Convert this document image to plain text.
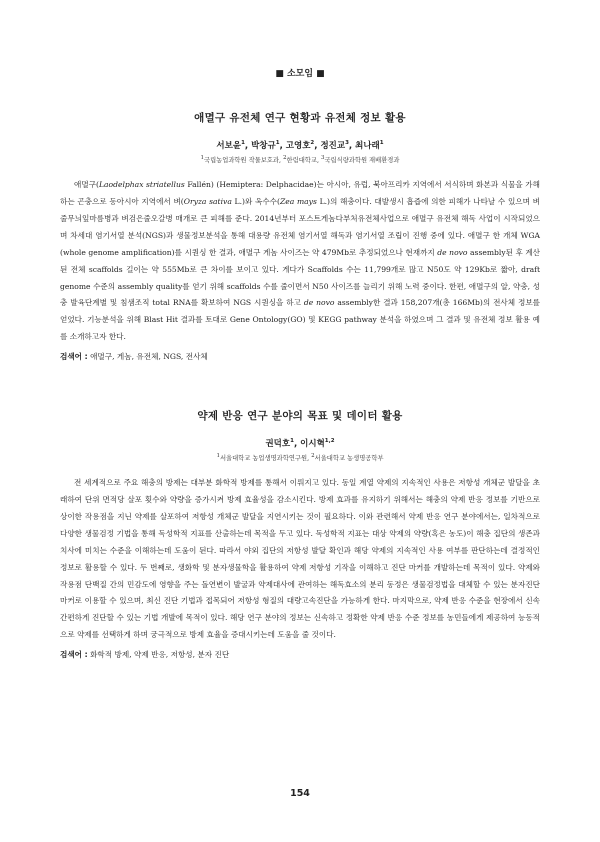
■ 소모임 ■
애멸구 유전체 연구 현황과 유전체 정보 활용
서보윤$^1$, 박창규$^1$, 고영호$^2$, 정진교$^3$, 최나래$^1$
$^1$국립농업과학원 작물보호과, $^2$한림대학교, $^3$국립식량과학원 재배환경과
애멸구(Laodelphax striatellus Fallén) (Hemiptera: Delphacidae)는 아시아, 유럽, 북아프리카 지역에서 서식하며 화본과 식물을 가해하는 곤충으로 동아시아 지역에서 벼(Oryza sativa L.)와 옥수수(Zea mays L.)의 해충이다. 대발생시 흡즙에 의한 피해가 나타날 수 있으며 벼줄무늬잎마름병과 벼검은줄오갈병 매개로 큰 피해를 준다. 2014년부터 포스트게놈다부처유전체사업으로 애멸구 유전체 해독 사업이 시작되었으며 차세대 염기서열 분석(NGS)과 생물정보분석을 통해 대용량 유전체 염기서열 해독과 염기서열 조립이 진행 중에 있다. 애멸구 한 개체 WGA (whole genome amplification)를 시퀀싱 한 결과, 애멸구 게놈 사이즈는 약 479Mb로 추정되었으나 현재까지 de novo assembly된 후 계산된 전체 scaffolds 길이는 약 555Mb로 큰 차이를 보이고 있다. 게다가 Scaffolds 수는 11,799개로 많고 N50도 약 129Kb로 짧아, draft genome 수준의 assembly quality를 얻기 위해 scaffolds 수를 줄이면서 N50 사이즈를 늘리기 위해 노력 중이다. 한편, 애멸구의 알, 약충, 성충 발육단계별 및 침샘조직 total RNA를 확보하여 NGS 시퀀싱을 하고 de novo assembly한 결과 158,207개(총 166Mb)의 전사체 정보를 얻었다. 기능분석을 위해 Blast Hit 결과를 토대로 Gene Ontology(GO) 및 KEGG pathway 분석을 하였으며 그 결과 및 유전체 정보 활용 예를 소개하고자 한다.
검색어 : 애멸구, 게놈, 유전체, NGS, 전사체
약제 반응 연구 분야의 목표 및 데이터 활용
권덕호$^1$, 이시혁$^{1,2}$
$^1$서울대학교 농업생명과학연구원, $^2$서울대학교 농생명공학부
전 세계적으로 주요 해충의 방제는 대부분 화학적 방제를 통해서 이뤄지고 있다. 동일 계열 약제의 지속적인 사용은 저항성 개체군 발달을 초래하여 단위 면적당 살포 횟수와 약량을 증가시켜 방제 효율성을 감소시킨다. 방제 효과를 유지하기 위해서는 해충의 약제 반응 정보를 기반으로 상이한 작용점을 지닌 약제를 살포하여 저항성 개체군 발달을 지연시키는 것이 필요하다. 이와 관련해서 약제 반응 연구 분야에서는, 일차적으로 다양한 생물검정 기법을 통해 독성학적 지표를 산출하는데 목적을 두고 있다. 독성학적 지표는 대상 약제의 약량(혹은 농도)이 해충 집단의 생존과 치사에 미치는 수준을 이해하는데 도움이 된다. 따라서 야외 집단의 저항성 발달 확인과 해당 약제의 지속적인 사용 여부를 판단하는데 결정적인 정보로 활용할 수 있다. 두 번째로, 생화학 및 분자생물학을 활용하여 약제 저항성 기작을 이해하고 진단 마커를 개발하는데 목적이 있다. 약제와 작용점 단백질 간의 민감도에 영향을 주는 돌연변이 발굴과 약제대사에 관여하는 해독효소의 분리 동정은 생물검정법을 대체할 수 있는 분자진단 마커로 이용할 수 있으며, 최신 진단 기법과 접목되어 저항성 형질의 대량고속진단을 가능하게 한다. 마지막으로, 약제 반응 수준을 현장에서 신속 간편하게 진단할 수 있는 기법 개발에 목적이 있다. 해당 연구 분야의 정보는 신속하고 정확한 약제 반응 수준 정보를 농민들에게 제공하여 능동적으로 약제를 선택하게 하며 궁극적으로 방제 효율을 증대시키는데 도움을 줄 것이다.
검색어 : 화학적 방제, 약제 반응, 저항성, 분자 진단
154
